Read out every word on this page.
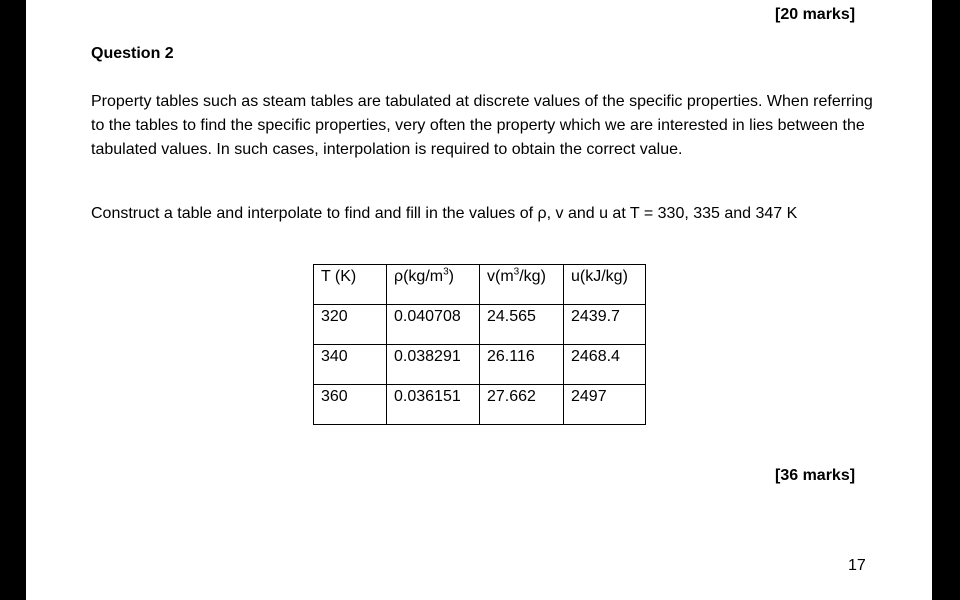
[20 marks]
Question 2
Property tables such as steam tables are tabulated at discrete values of the specific properties. When referring to the tables to find the specific properties, very often the property which we are interested in lies between the tabulated values. In such cases, interpolation is required to obtain the correct value.
Construct a table and interpolate to find and fill in the values of ρ, v and u at T = 330, 335 and 347 K
T (K)	$\rho(kg/m^3)$	$v(m^3/kg)$	u(kJ/kg)
320	0.040708	24.565	2439.7
340	0.038291	26.116	2468.4
360	0.036151	27.662	2497
[36 marks]
17
